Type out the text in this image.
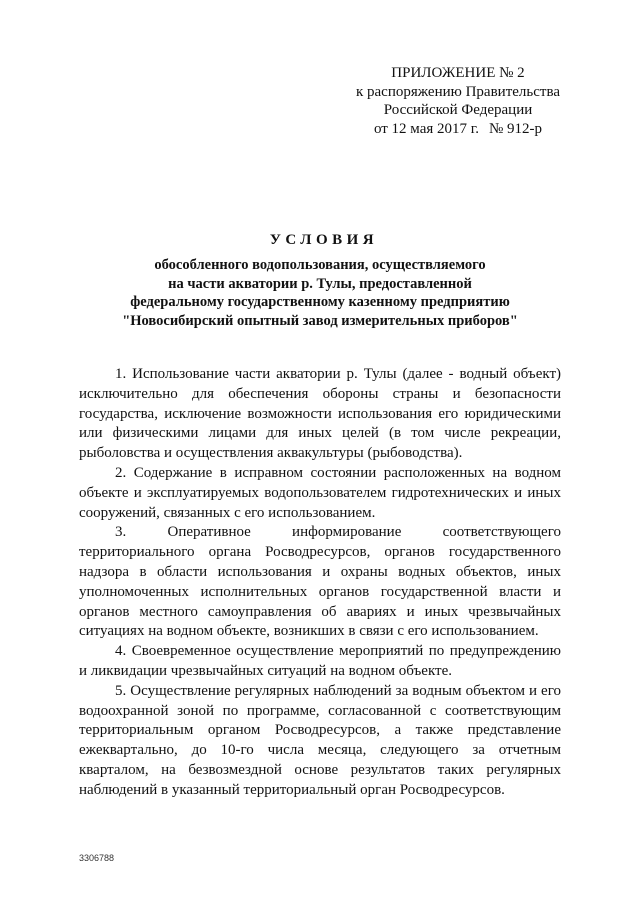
ПРИЛОЖЕНИЕ № 2
к распоряжению Правительства
Российской Федерации
от 12 мая 2017 г. № 912-р
УСЛОВИЯ
обособленного водопользования, осуществляемого
на части акватории р. Тулы, предоставленной
федеральному государственному казенному предприятию
"Новосибирский опытный завод измерительных приборов"

1. Использование части акватории р. Тулы (далее - водный объект) исключительно для обеспечения обороны страны и безопасности государства, исключение возможности использования его юридическими или физическими лицами для иных целей (в том числе рекреации, рыболовства и осуществления аквакультуры (рыбоводства).

2. Содержание в исправном состоянии расположенных на водном объекте и эксплуатируемых водопользователем гидротехнических и иных сооружений, связанных с его использованием.

3. Оперативное информирование соответствующего территориального органа Росводресурсов, органов государственного надзора в области использования и охраны водных объектов, иных уполномоченных исполнительных органов государственной власти и органов местного самоуправления об авариях и иных чрезвычайных ситуациях на водном объекте, возникших в связи с его использованием.

4. Своевременное осуществление мероприятий по предупреждению и ликвидации чрезвычайных ситуаций на водном объекте.

5. Осуществление регулярных наблюдений за водным объектом и его водоохранной зоной по программе, согласованной с соответствующим территориальным органом Росводресурсов, а также представление ежеквартально, до 10-го числа месяца, следующего за отчетным кварталом, на безвозмездной основе результатов таких регулярных наблюдений в указанный территориальный орган Росводресурсов.

3306788
